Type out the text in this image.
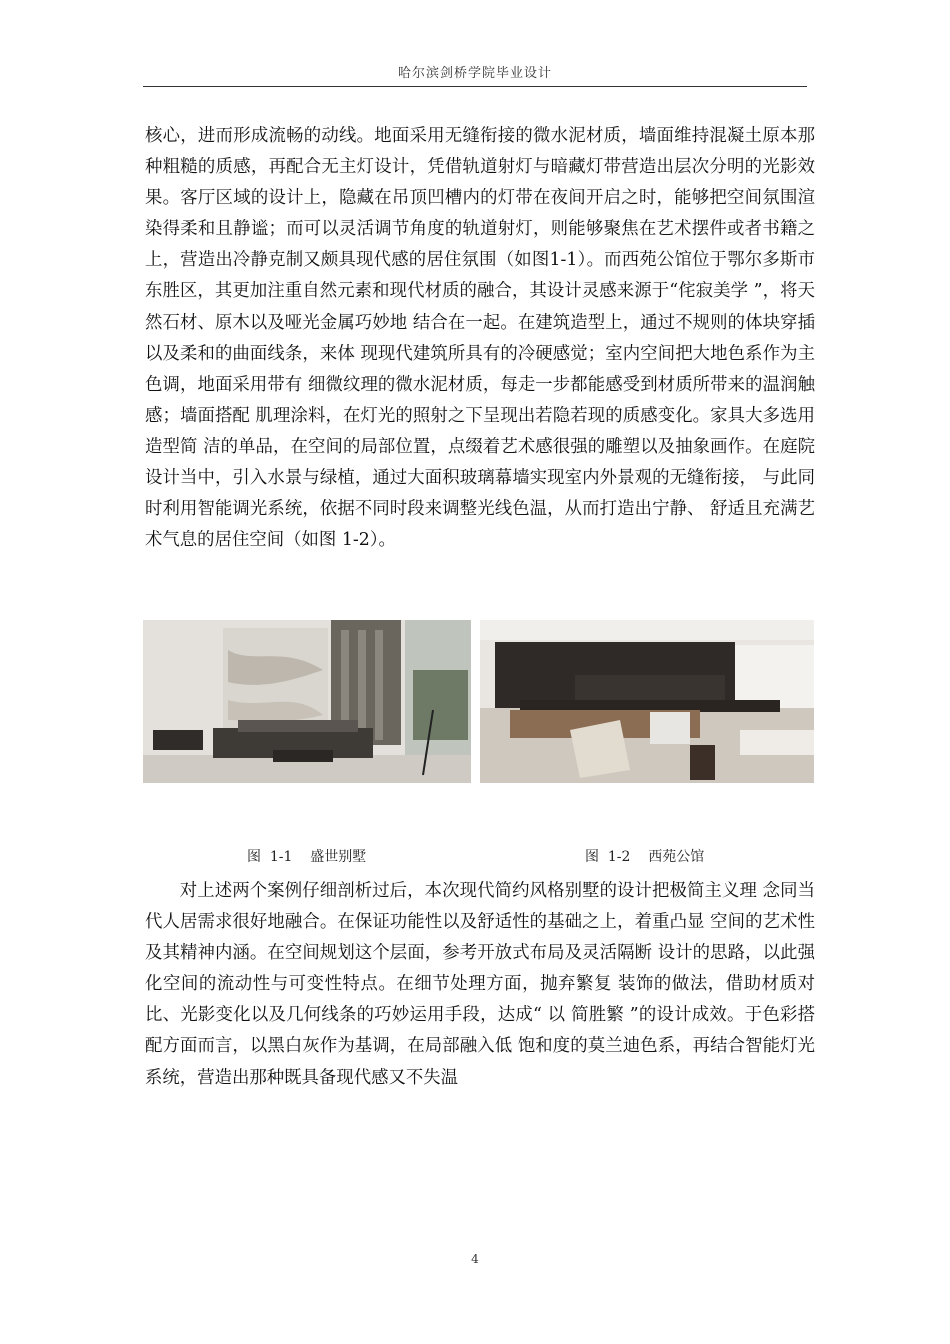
哈尔滨剑桥学院毕业设计

核心，进而形成流畅的动线。地面采用无缝衔接的微水泥材质，墙面维持混凝土原本那种粗糙的质感，再配合无主灯设计，凭借轨道射灯与暗藏灯带营造出层次分明的光影效果。客厅区域的设计上，隐藏在吊顶凹槽内的灯带在夜间开启之时，能够把空间氛围渲染得柔和且静谧；而可以灵活调节角度的轨道射灯，则能够聚焦在艺术摆件或者书籍之上，营造出冷静克制又颇具现代感的居住氛围（如图1-1）。而西苑公馆位于鄂尔多斯市东胜区，其更加注重自然元素和现代材质的融合，其设计灵感来源于“侘寂美学 ”，将天然石材、原木以及哑光金属巧妙地 结合在一起。在建筑造型上，通过不规则的体块穿插以及柔和的曲面线条，来体 现现代建筑所具有的冷硬感觉；室内空间把大地色系作为主色调，地面采用带有 细微纹理的微水泥材质，每走一步都能感受到材质所带来的温润触感；墙面搭配 肌理涂料，在灯光的照射之下呈现出若隐若现的质感变化。家具大多选用造型简 洁的单品，在空间的局部位置，点缀着艺术感很强的雕塑以及抽象画作。在庭院 设计当中，引入水景与绿植，通过大面积玻璃幕墙实现室内外景观的无缝衔接， 与此同时利用智能调光系统，依据不同时段来调整光线色温，从而打造出宁静、 舒适且充满艺术气息的居住空间（如图 1-2）。

图  1-1    盛世别墅	图  1-2    西苑公馆

对上述两个案例仔细剖析过后，本次现代简约风格别墅的设计把极简主义理 念同当代人居需求很好地融合。在保证功能性以及舒适性的基础之上，着重凸显 空间的艺术性及其精神内涵。在空间规划这个层面，参考开放式布局及灵活隔断 设计的思路，以此强化空间的流动性与可变性特点。在细节处理方面，抛弃繁复 装饰的做法，借助材质对比、光影变化以及几何线条的巧妙运用手段，达成“ 以 简胜繁 ”的设计成效。于色彩搭配方面而言，以黑白灰作为基调，在局部融入低 饱和度的莫兰迪色系，再结合智能灯光系统，营造出那种既具备现代感又不失温

4
